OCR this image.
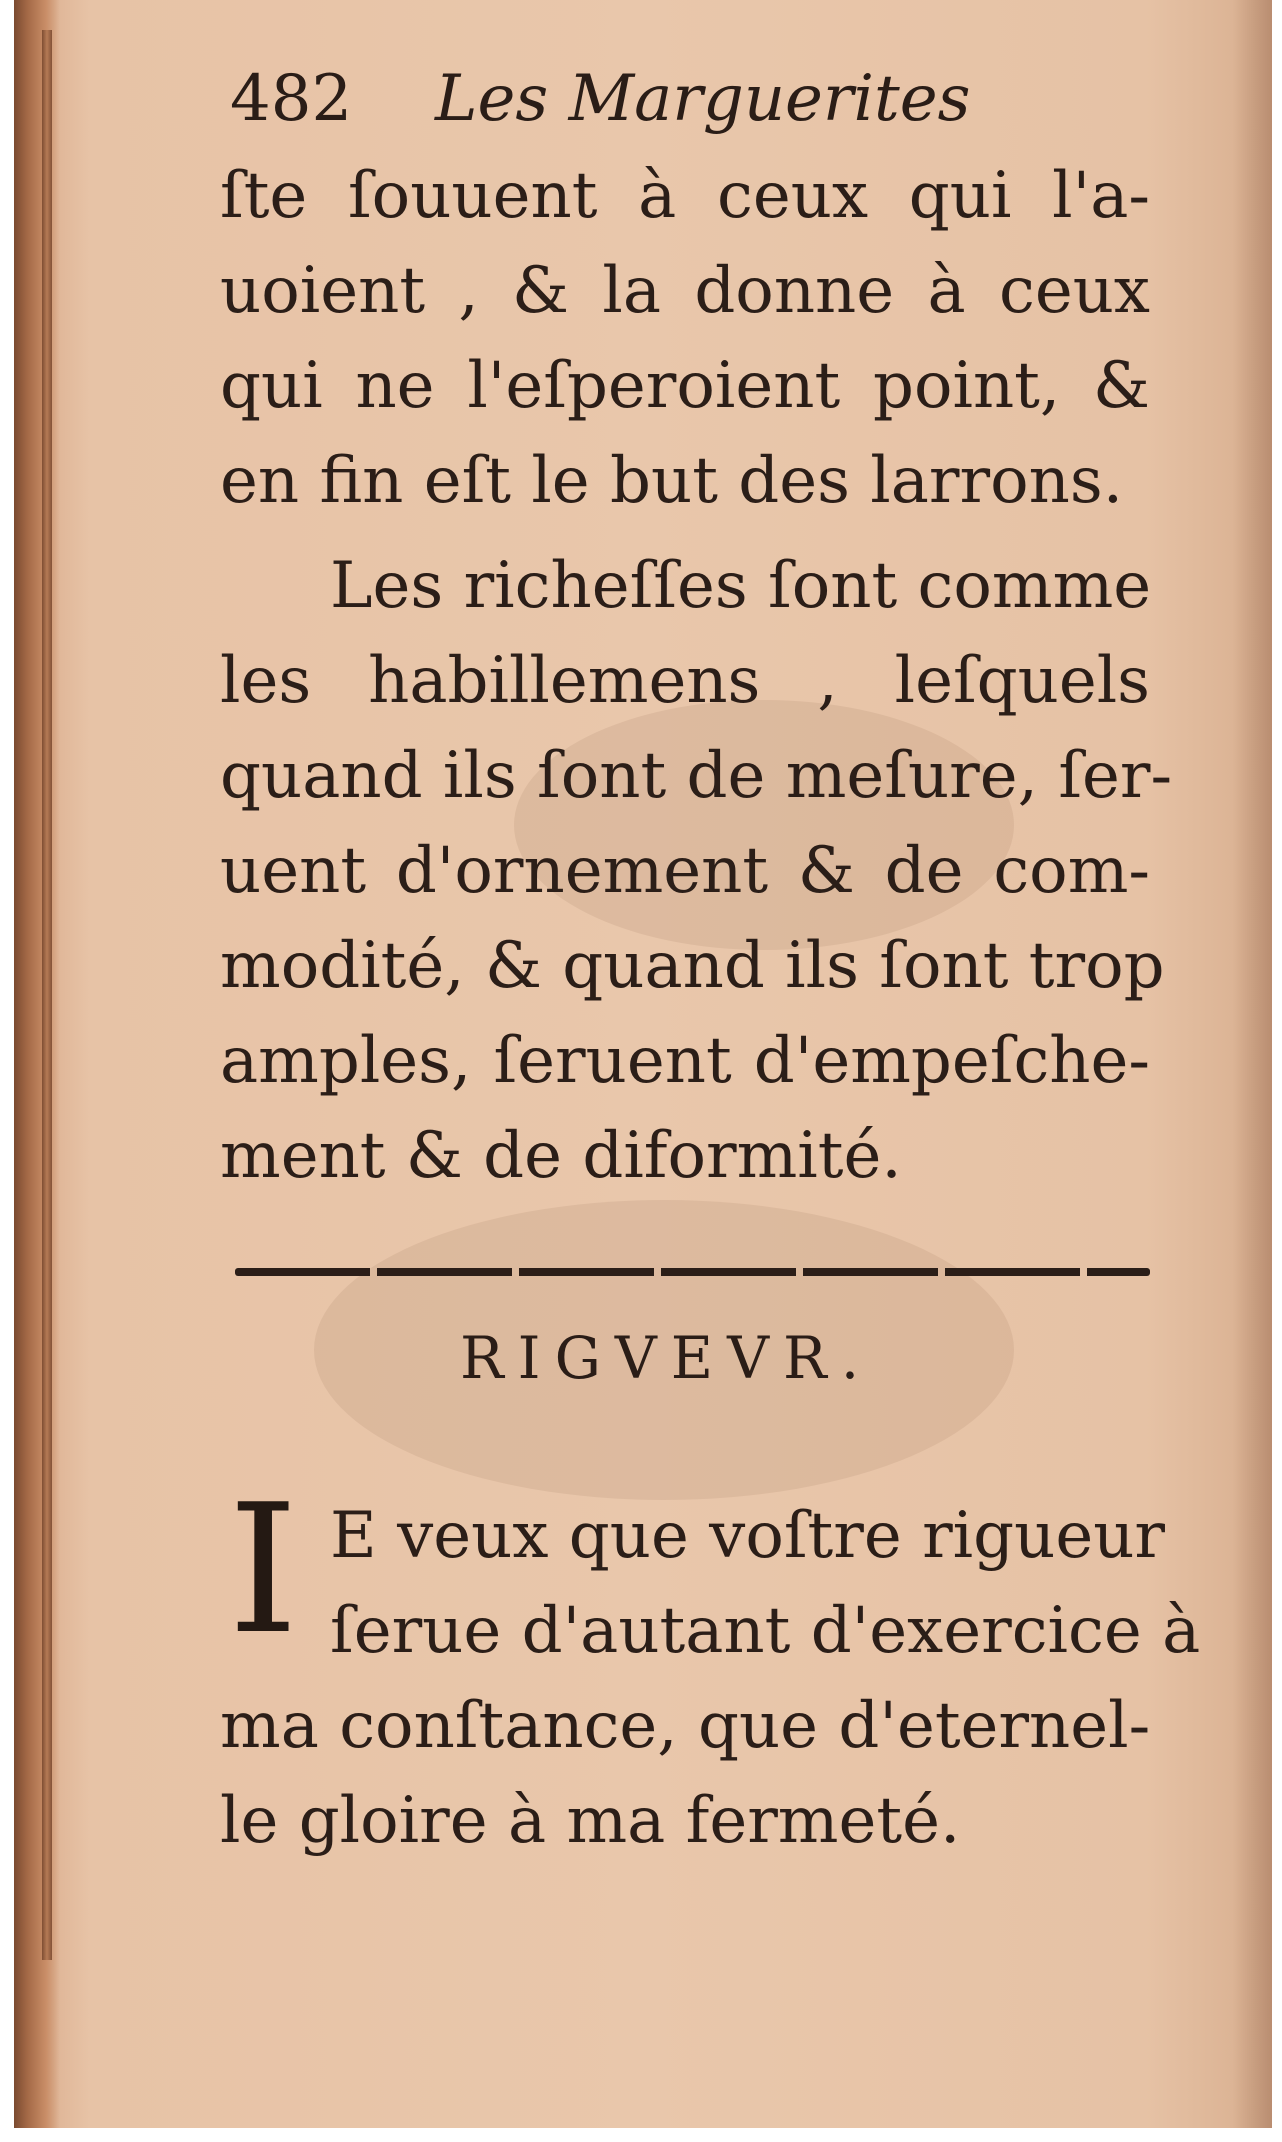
482 Les Marguerites
ſte ſouuent à ceux qui l'a-
uoient , & la donne à ceux
qui ne l'eſperoient point, &
en fin eſt le but des larrons.
Les richeſſes ſont comme
les habillemens , leſquels
quand ils ſont de meſure, ſer-
uent d'ornement & de com-
modité, & quand ils ſont trop
amples, ſeruent d'empeſche-
ment & de diformité.
RIGVEVR.
I E veux que voſtre rigueur
ſerue d'autant d'exercice à
ma conſtance, que d'eternel-
le gloire à ma fermeté.
